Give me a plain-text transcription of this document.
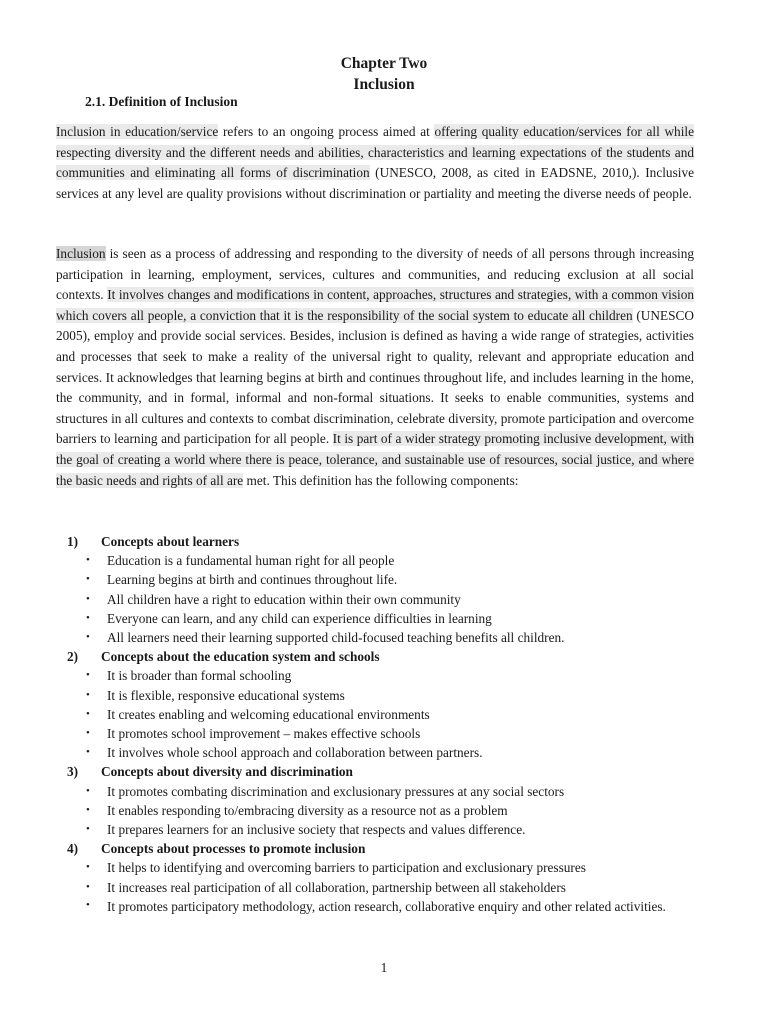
Chapter Two
Inclusion
2.1. Definition of Inclusion

Inclusion in education/service refers to an ongoing process aimed at offering quality education/services for all while respecting diversity and the different needs and abilities, characteristics and learning expectations of the students and communities and eliminating all forms of discrimination (UNESCO, 2008, as cited in EADSNE, 2010,). Inclusive services at any level are quality provisions without discrimination or partiality and meeting the diverse needs of people.

Inclusion is seen as a process of addressing and responding to the diversity of needs of all persons through increasing participation in learning, employment, services, cultures and communities, and reducing exclusion at all social contexts. It involves changes and modifications in content, approaches, structures and strategies, with a common vision which covers all people, a conviction that it is the responsibility of the social system to educate all children (UNESCO 2005), employ and provide social services. Besides, inclusion is defined as having a wide range of strategies, activities and processes that seek to make a reality of the universal right to quality, relevant and appropriate education and services. It acknowledges that learning begins at birth and continues throughout life, and includes learning in the home, the community, and in formal, informal and non-formal situations. It seeks to enable communities, systems and structures in all cultures and contexts to combat discrimination, celebrate diversity, promote participation and overcome barriers to learning and participation for all people. It is part of a wider strategy promoting inclusive development, with the goal of creating a world where there is peace, tolerance, and sustainable use of resources, social justice, and where the basic needs and rights of all are met. This definition has the following components:

1)	Concepts about learners
•	Education is a fundamental human right for all people
•	Learning begins at birth and continues throughout life.
•	All children have a right to education within their own community
•	Everyone can learn, and any child can experience difficulties in learning
•	All learners need their learning supported child-focused teaching benefits all children.
2)	Concepts about the education system and schools
•	It is broader than formal schooling
•	It is flexible, responsive educational systems
•	It creates enabling and welcoming educational environments
•	It promotes school improvement – makes effective schools
•	It involves whole school approach and collaboration between partners.
3)	Concepts about diversity and discrimination
•	It promotes combating discrimination and exclusionary pressures at any social sectors
•	It enables responding to/embracing diversity as a resource not as a problem
•	It prepares learners for an inclusive society that respects and values difference.
4)	Concepts about processes to promote inclusion
•	It helps to identifying and overcoming barriers to participation and exclusionary pressures
•	It increases real participation of all collaboration, partnership between all stakeholders
•	It promotes participatory methodology, action research, collaborative enquiry and other related activities.
1
